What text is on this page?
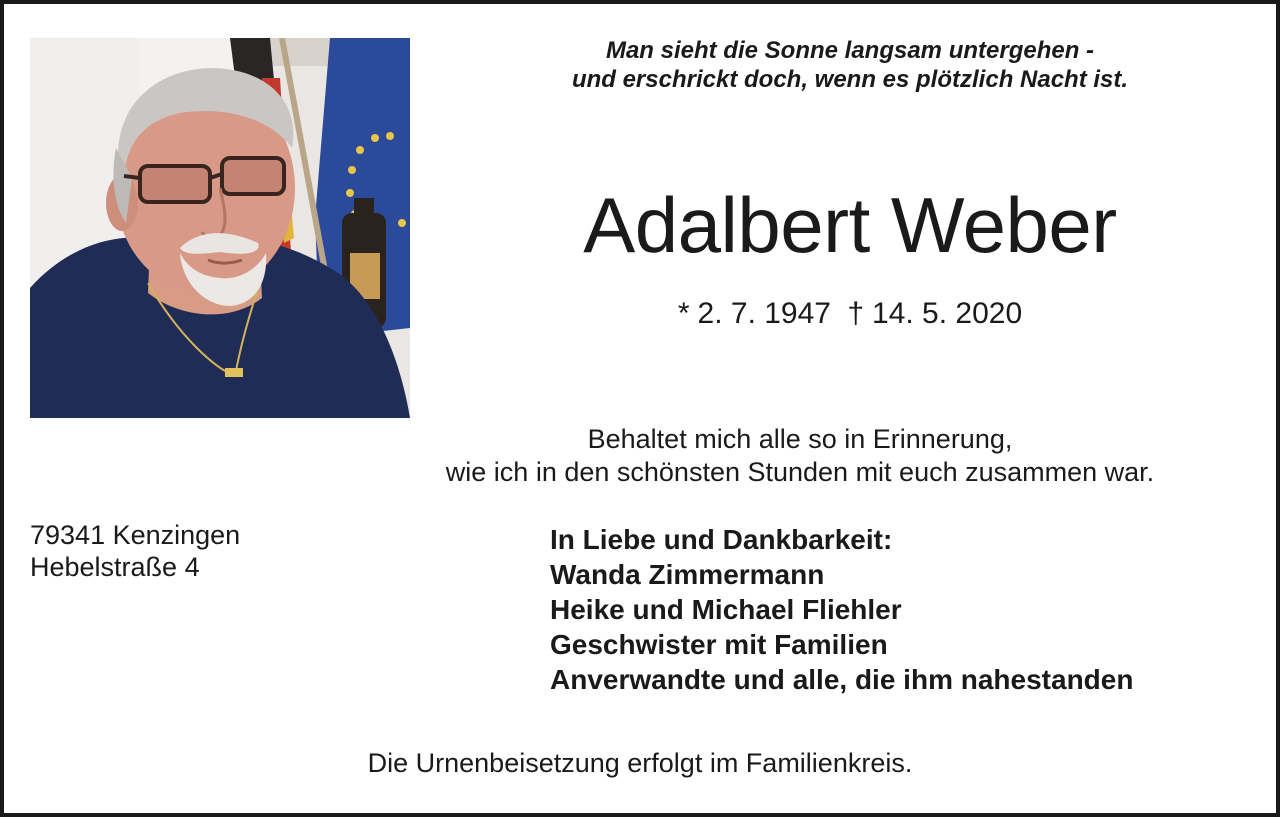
Man sieht die Sonne langsam untergehen -
und erschrickt doch, wenn es plötzlich Nacht ist.
Adalbert Weber
* 2. 7. 1947 † 14. 5. 2020
Behaltet mich alle so in Erinnerung,
wie ich in den schönsten Stunden mit euch zusammen war.
79341 Kenzingen
Hebelstraße 4
In Liebe und Dankbarkeit:
Wanda Zimmermann
Heike und Michael Fliehler
Geschwister mit Familien
Anverwandte und alle, die ihm nahestanden
Die Urnenbeisetzung erfolgt im Familienkreis.
